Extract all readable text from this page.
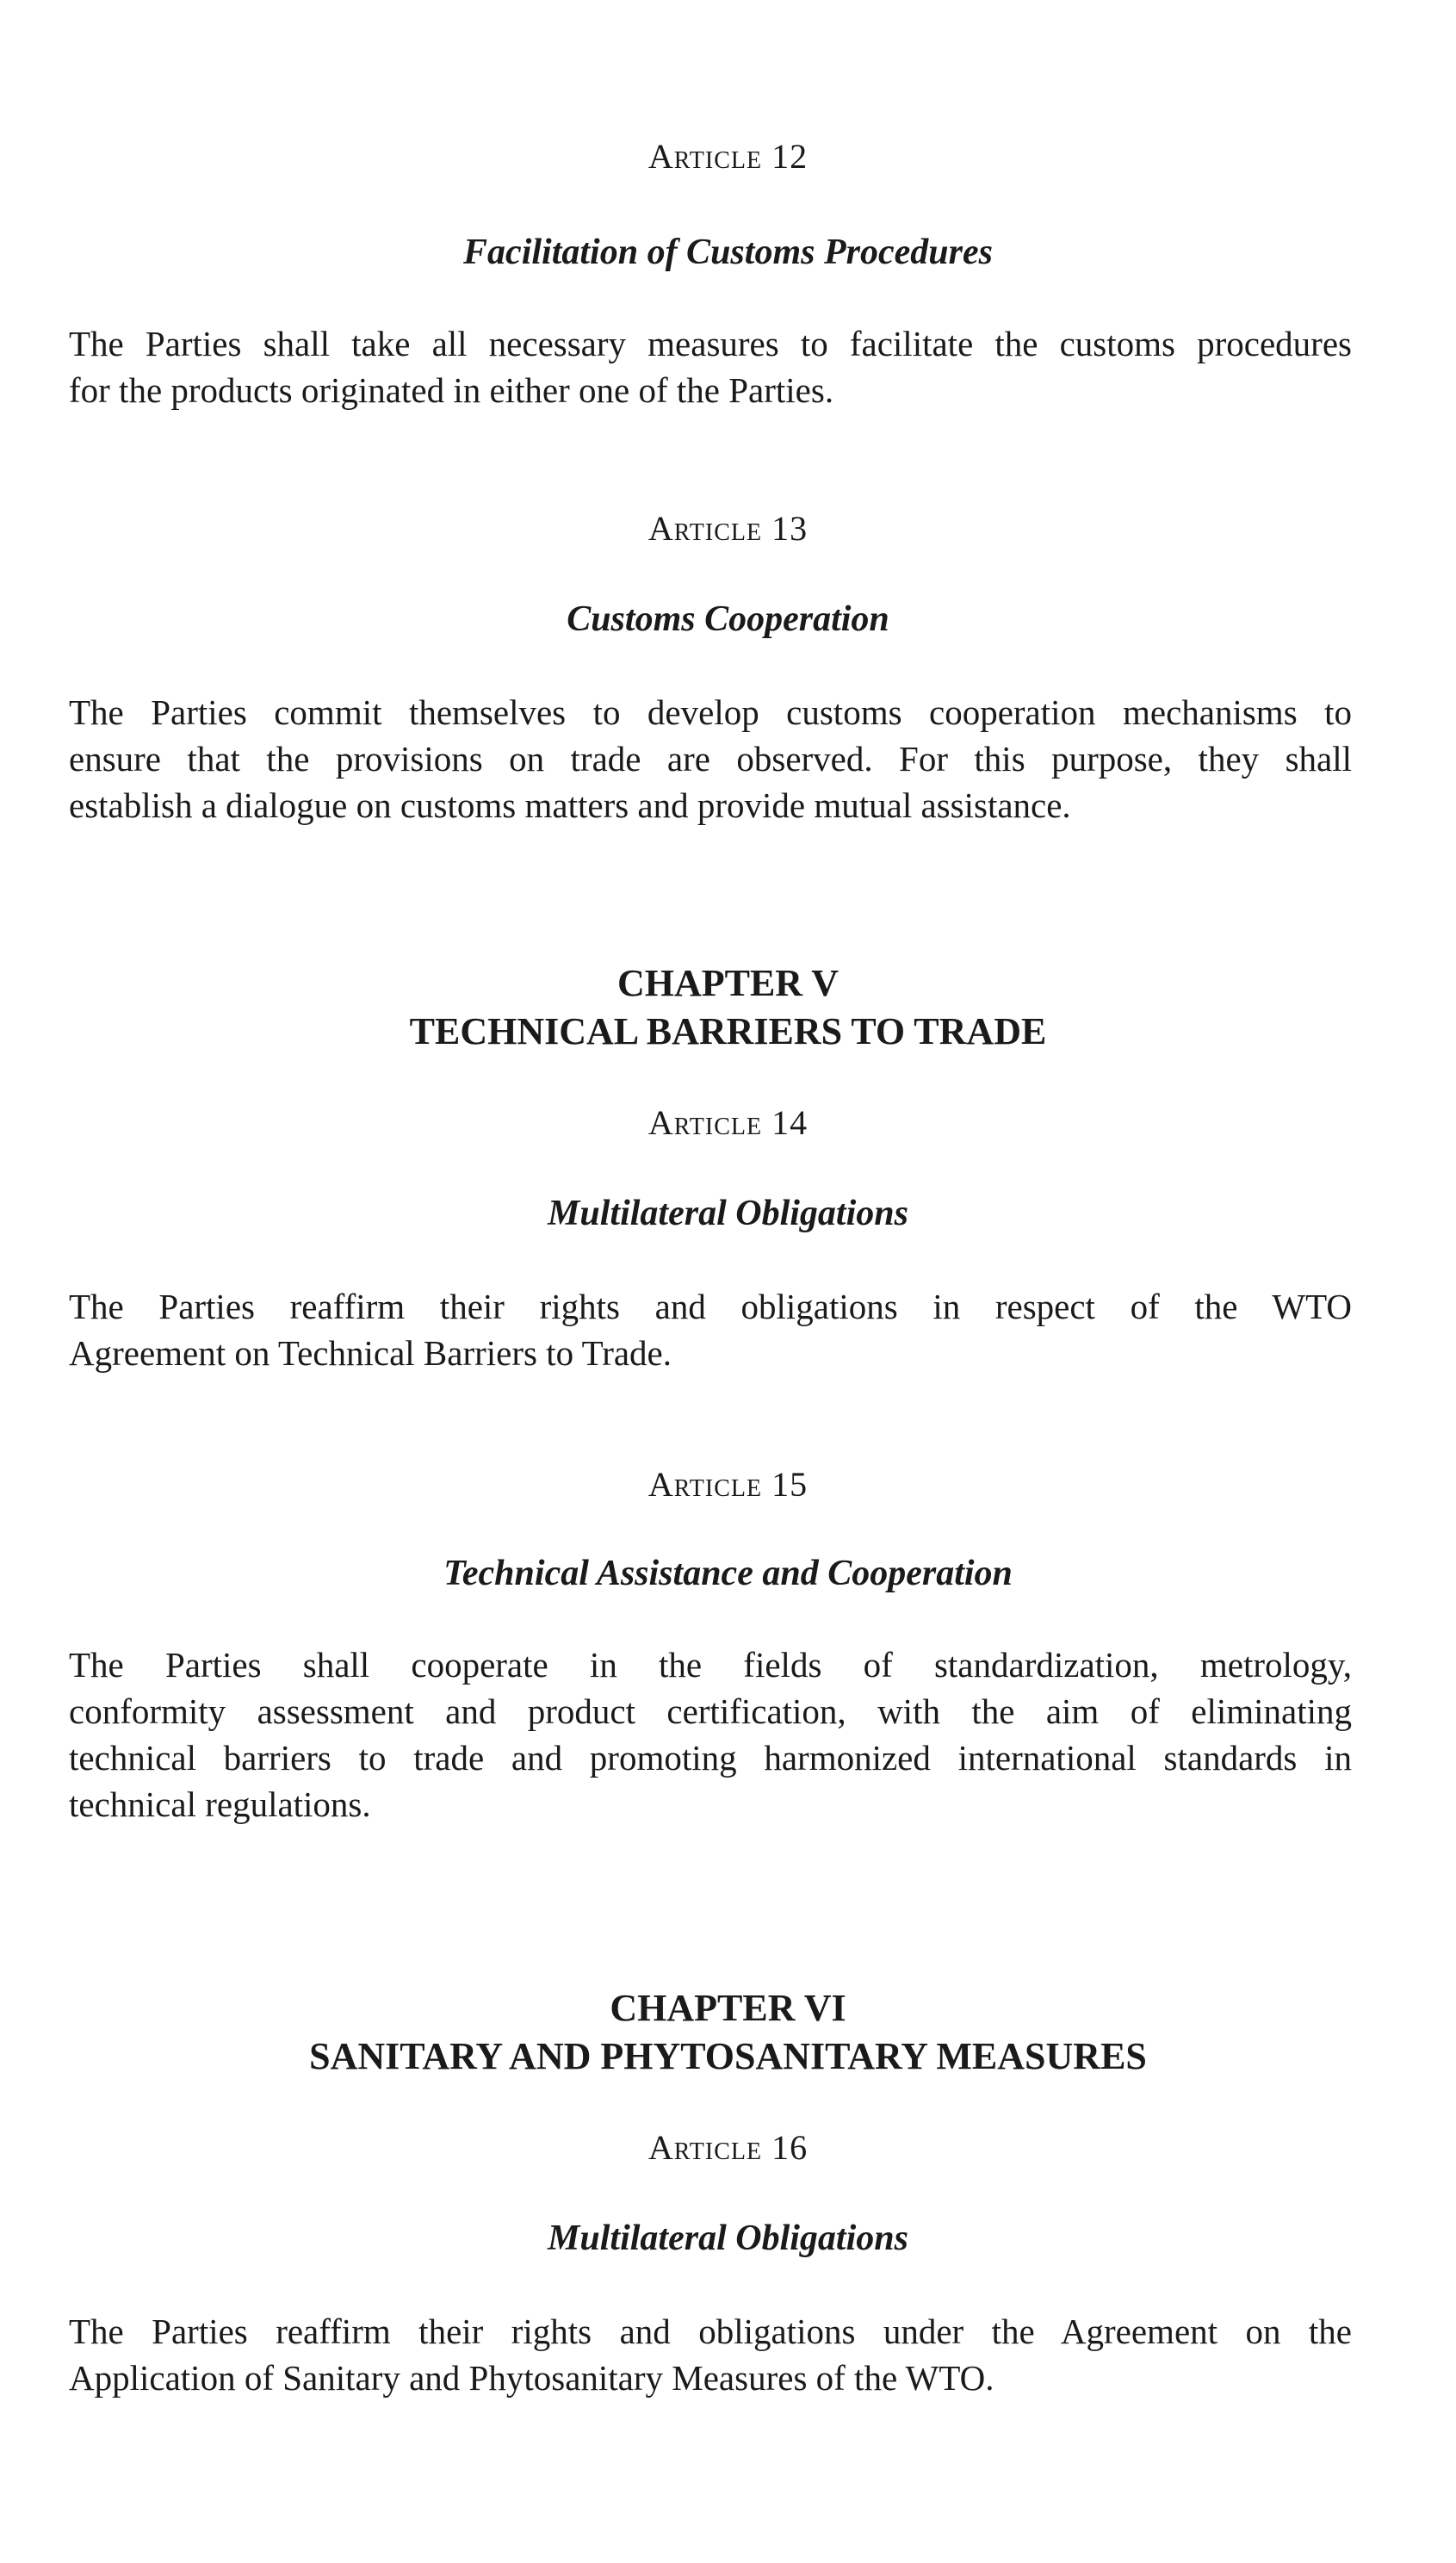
Article 12
Facilitation of Customs Procedures
The Parties shall take all necessary measures to facilitate the customs procedures
for the products originated in either one of the Parties.
Article 13
Customs Cooperation
The Parties commit themselves to develop customs cooperation mechanisms to
ensure that the provisions on trade are observed. For this purpose, they shall
establish a dialogue on customs matters and provide mutual assistance.
CHAPTER V
TECHNICAL BARRIERS TO TRADE
Article 14
Multilateral Obligations
The Parties reaffirm their rights and obligations in respect of the WTO
Agreement on Technical Barriers to Trade.
Article 15
Technical Assistance and Cooperation
The Parties shall cooperate in the fields of standardization, metrology,
conformity assessment and product certification, with the aim of eliminating
technical barriers to trade and promoting harmonized international standards in
technical regulations.
CHAPTER VI
SANITARY AND PHYTOSANITARY MEASURES
Article 16
Multilateral Obligations
The Parties reaffirm their rights and obligations under the Agreement on the
Application of Sanitary and Phytosanitary Measures of the WTO.
